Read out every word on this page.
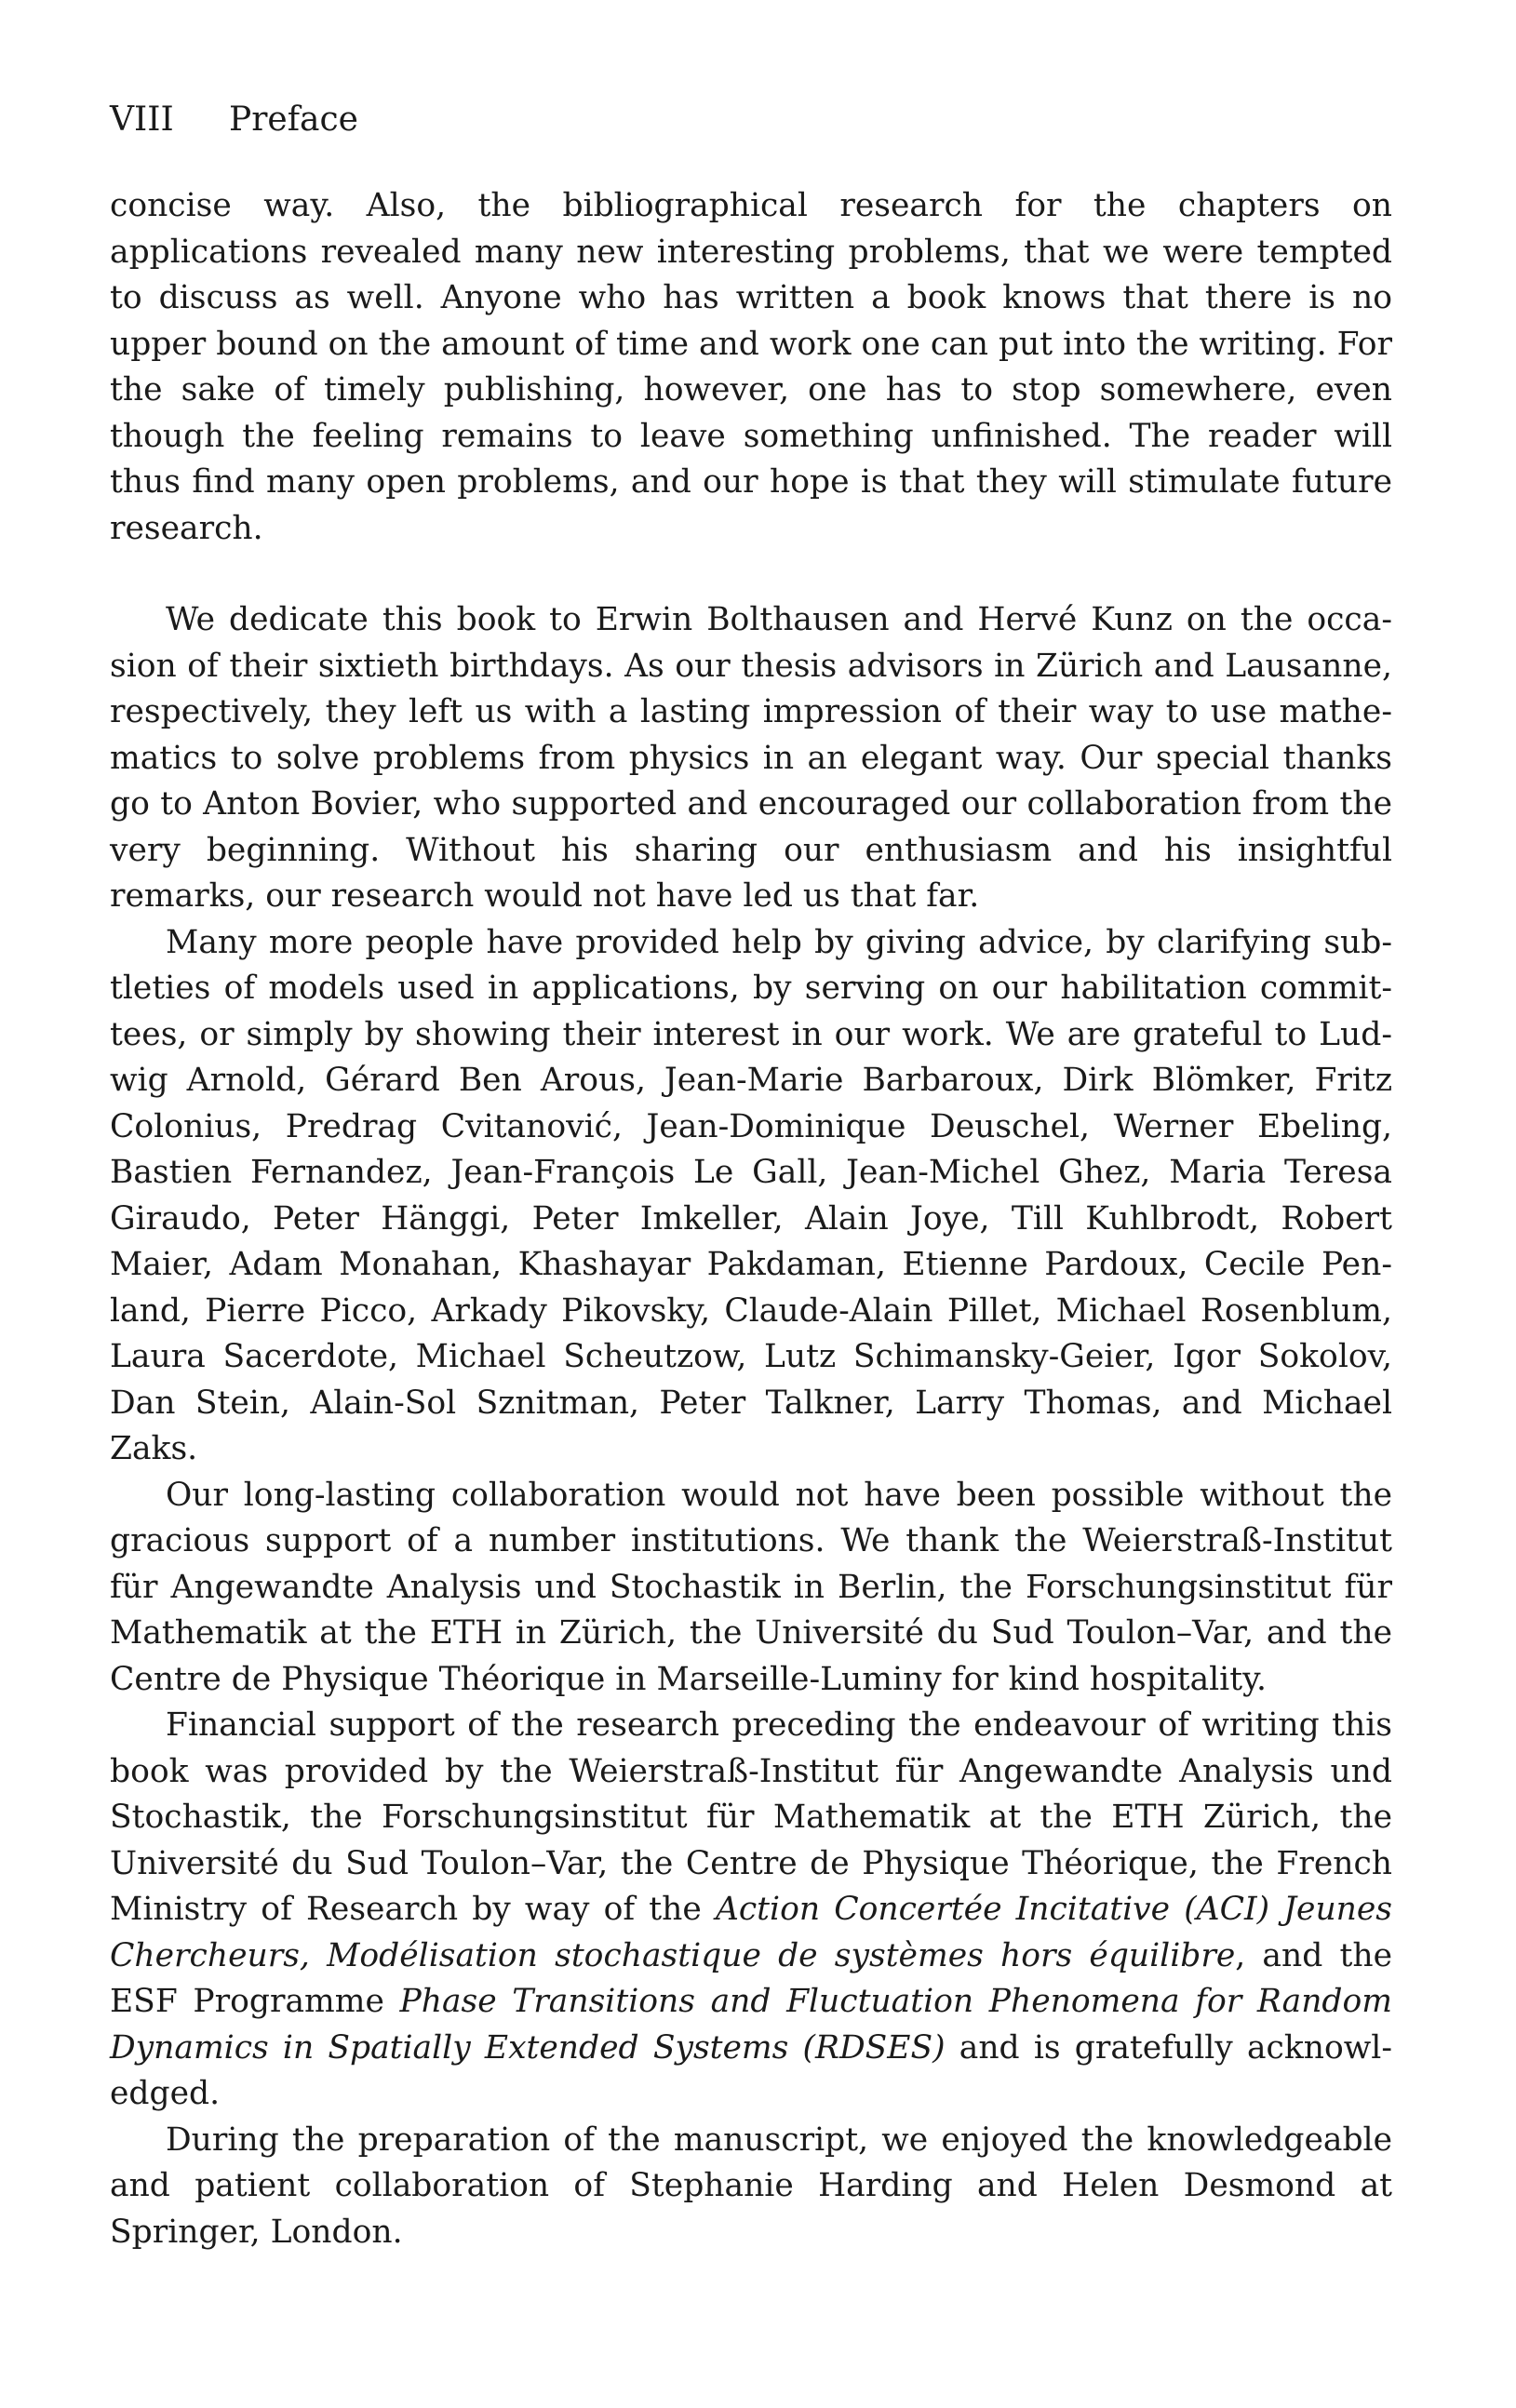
VIII Preface

concise way. Also, the bibliographical research for the chapters on applications revealed many new interesting problems, that we were tempted to discuss as well. Anyone who has written a book knows that there is no upper bound on the amount of time and work one can put into the writing. For the sake of timely publishing, however, one has to stop somewhere, even though the feeling remains to leave something unfinished. The reader will thus find many open problems, and our hope is that they will stimulate future research.

We dedicate this book to Erwin Bolthausen and Hervé Kunz on the occasion of their sixtieth birthdays. As our thesis advisors in Zürich and Lausanne, respectively, they left us with a lasting impression of their way to use mathematics to solve problems from physics in an elegant way. Our special thanks go to Anton Bovier, who supported and encouraged our collaboration from the very beginning. Without his sharing our enthusiasm and his insightful remarks, our research would not have led us that far.

Many more people have provided help by giving advice, by clarifying subtleties of models used in applications, by serving on our habilitation committees, or simply by showing their interest in our work. We are grateful to Ludwig Arnold, Gérard Ben Arous, Jean-Marie Barbaroux, Dirk Blömker, Fritz Colonius, Predrag Cvitanović, Jean-Dominique Deuschel, Werner Ebeling, Bastien Fernandez, Jean-François Le Gall, Jean-Michel Ghez, Maria Teresa Giraudo, Peter Hänggi, Peter Imkeller, Alain Joye, Till Kuhlbrodt, Robert Maier, Adam Monahan, Khashayar Pakdaman, Etienne Pardoux, Cecile Penland, Pierre Picco, Arkady Pikovsky, Claude-Alain Pillet, Michael Rosenblum, Laura Sacerdote, Michael Scheutzow, Lutz Schimansky-Geier, Igor Sokolov, Dan Stein, Alain-Sol Sznitman, Peter Talkner, Larry Thomas, and Michael Zaks.

Our long-lasting collaboration would not have been possible without the gracious support of a number institutions. We thank the Weierstraß-Institut für Angewandte Analysis und Stochastik in Berlin, the Forschungsinstitut für Mathematik at the ETH in Zürich, the Université du Sud Toulon–Var, and the Centre de Physique Théorique in Marseille-Luminy for kind hospitality.

Financial support of the research preceding the endeavour of writing this book was provided by the Weierstraß-Institut für Angewandte Analysis und Stochastik, the Forschungsinstitut für Mathematik at the ETH Zürich, the Université du Sud Toulon–Var, the Centre de Physique Théorique, the French Ministry of Research by way of the Action Concertée Incitative (ACI) Jeunes Chercheurs, Modélisation stochastique de systèmes hors équilibre, and the ESF Programme Phase Transitions and Fluctuation Phenomena for Random Dynamics in Spatially Extended Systems (RDSES) and is gratefully acknowledged.

During the preparation of the manuscript, we enjoyed the knowledgeable and patient collaboration of Stephanie Harding and Helen Desmond at Springer, London.
